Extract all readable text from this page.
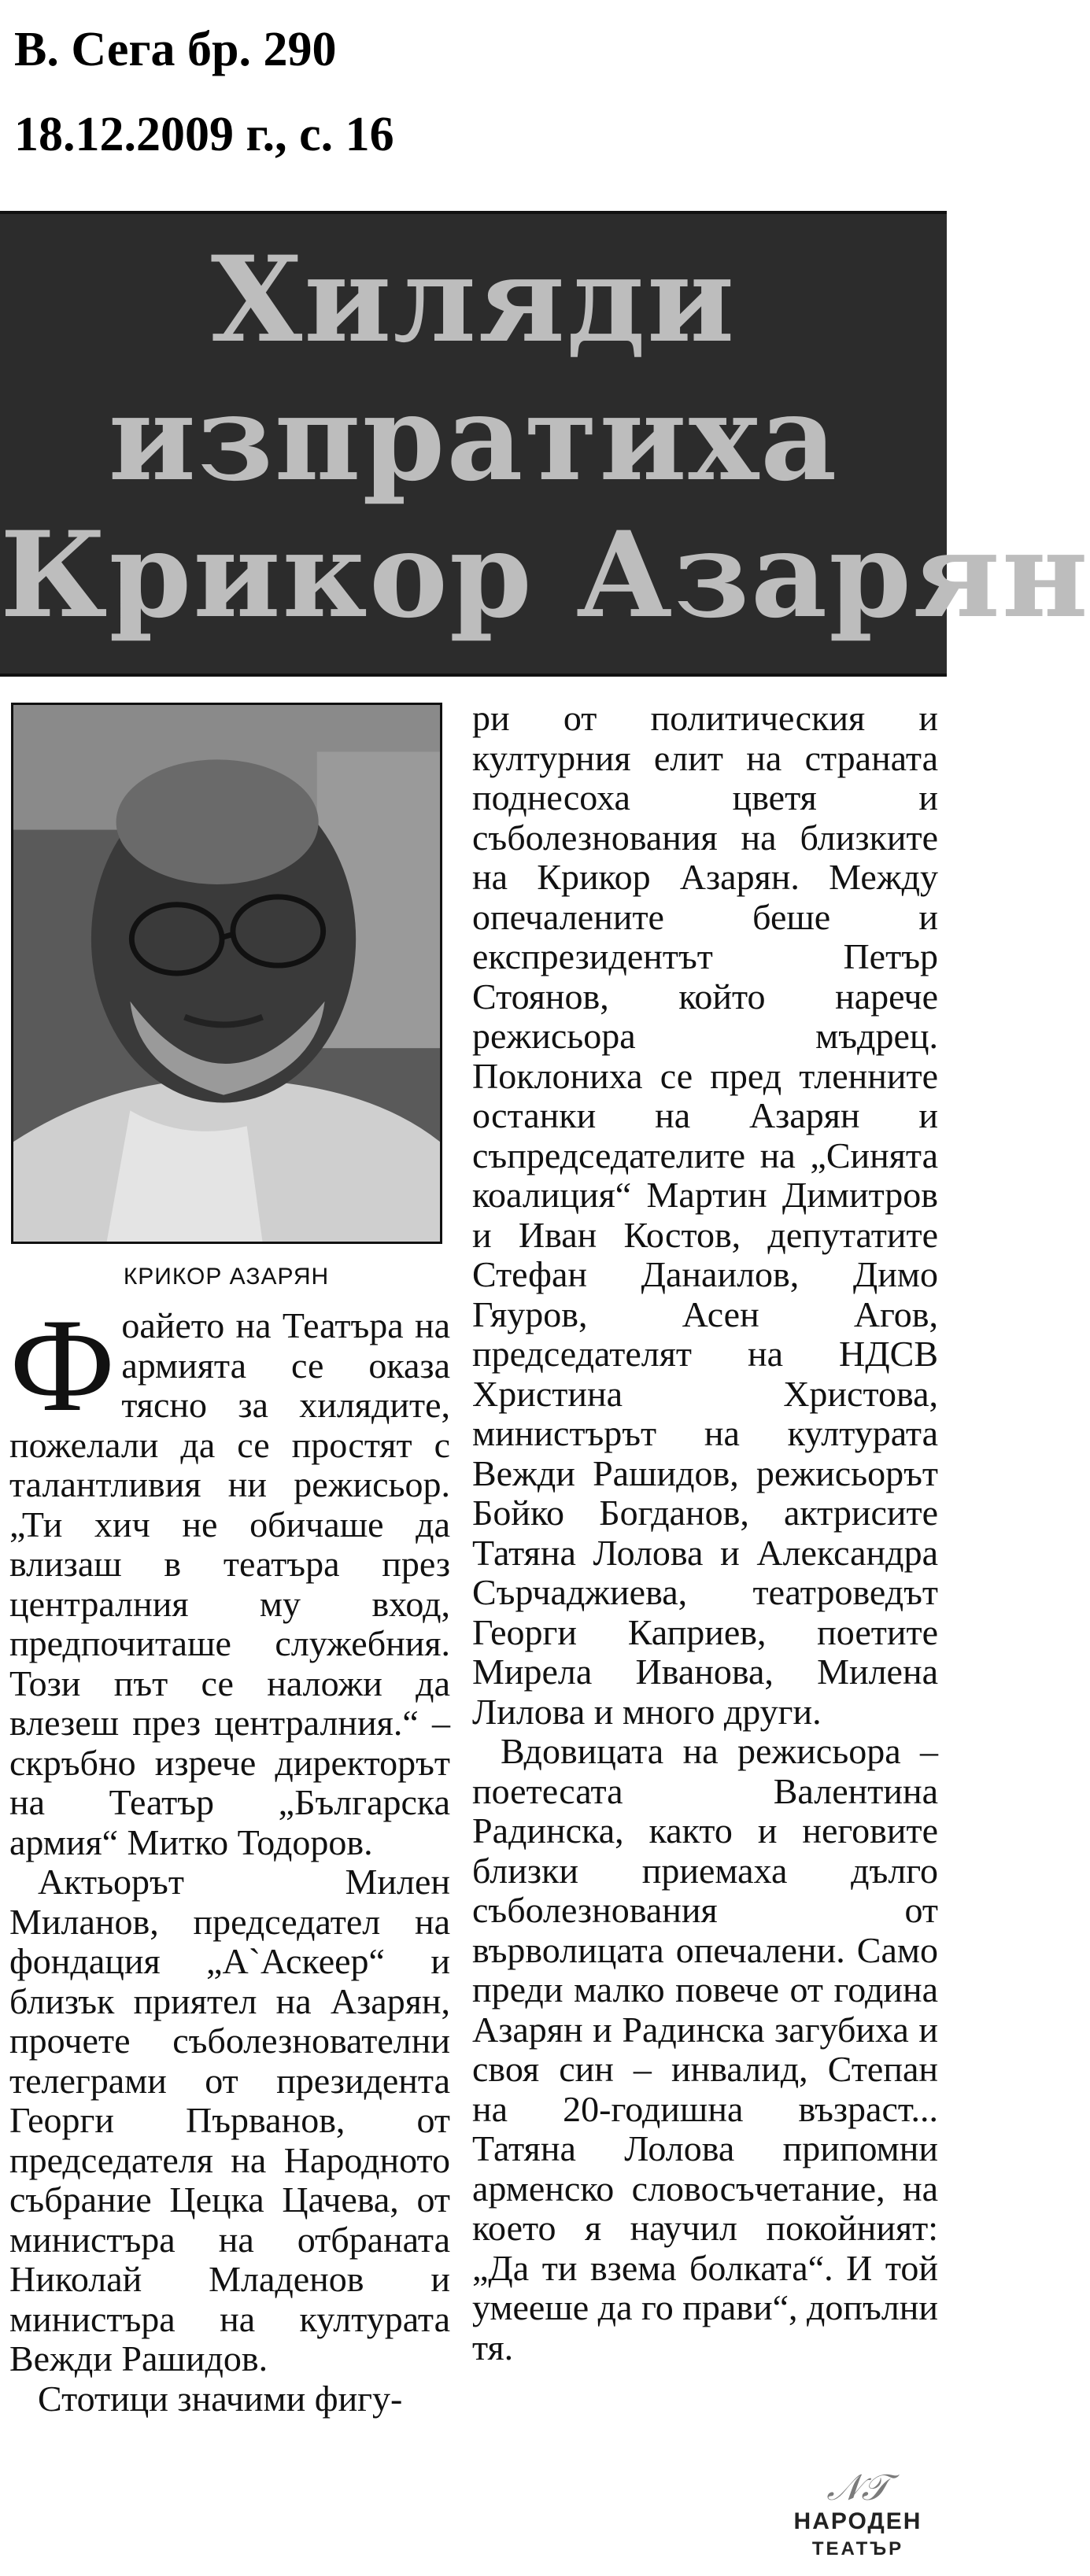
В. Сега бр. 290
18.12.2009 г., с. 16
Хиляди
изпратиха
Крикор Азарян
КРИКОР АЗАРЯН

Фоайето на Театъра на армията се оказа тясно за хилядите, пожелали да се простят с талантливия ни режисьор. „Ти хич не обичаше да влизаш в театъра през централния му вход, предпочиташе служебния. Този път се наложи да влезеш през централния.“ – скръбно изрече директорът на Театър „Българска армия“ Митко Тодоров.

Актьорът Милен Миланов, председател на фондация „А`Аскеер“ и близък приятел на Азарян, прочете съболезнователни телеграми от президента Георги Първанов, от председателя на Народното събрание Цецка Цачева, от министъра на отбраната Николай Младенов и министъра на културата Вежди Рашидов.

Стотици значими фигу-

ри от политическия и културния елит на страната поднесоха цветя и съболезнования на близките на Крикор Азарян. Между опечалените беше и експрезидентът Петър Стоянов, който нарече режисьора мъдрец. Поклониха се пред тленните останки на Азарян и съпредседателите на „Синята коалиция“ Мартин Димитров и Иван Костов, депутатите Стефан Данаилов, Димо Гяуров, Асен Агов, председателят на НДСВ Христина Христова, министърът на културата Вежди Рашидов, режисьорът Бойко Богданов, актрисите Татяна Лолова и Александра Сърчаджиева, театроведът Георги Каприев, поетите Мирела Иванова, Милена Лилова и много други.

Вдовицата на режисьора – поетесата Валентина Радинска, както и неговите близки приемаха дълго съболезнования от върволицата опечалени. Само преди малко повече от година Азарян и Радинска загубиха и своя син – инвалид, Степан на 20-годишна възраст... Татяна Лолова припомни арменско словосъчетание, на което я научил покойният: „Да ти взема болката“. И той умееше да го прави“, допълни тя.

𝒩𝒯
НАРОДЕН
ТЕАТЪР
